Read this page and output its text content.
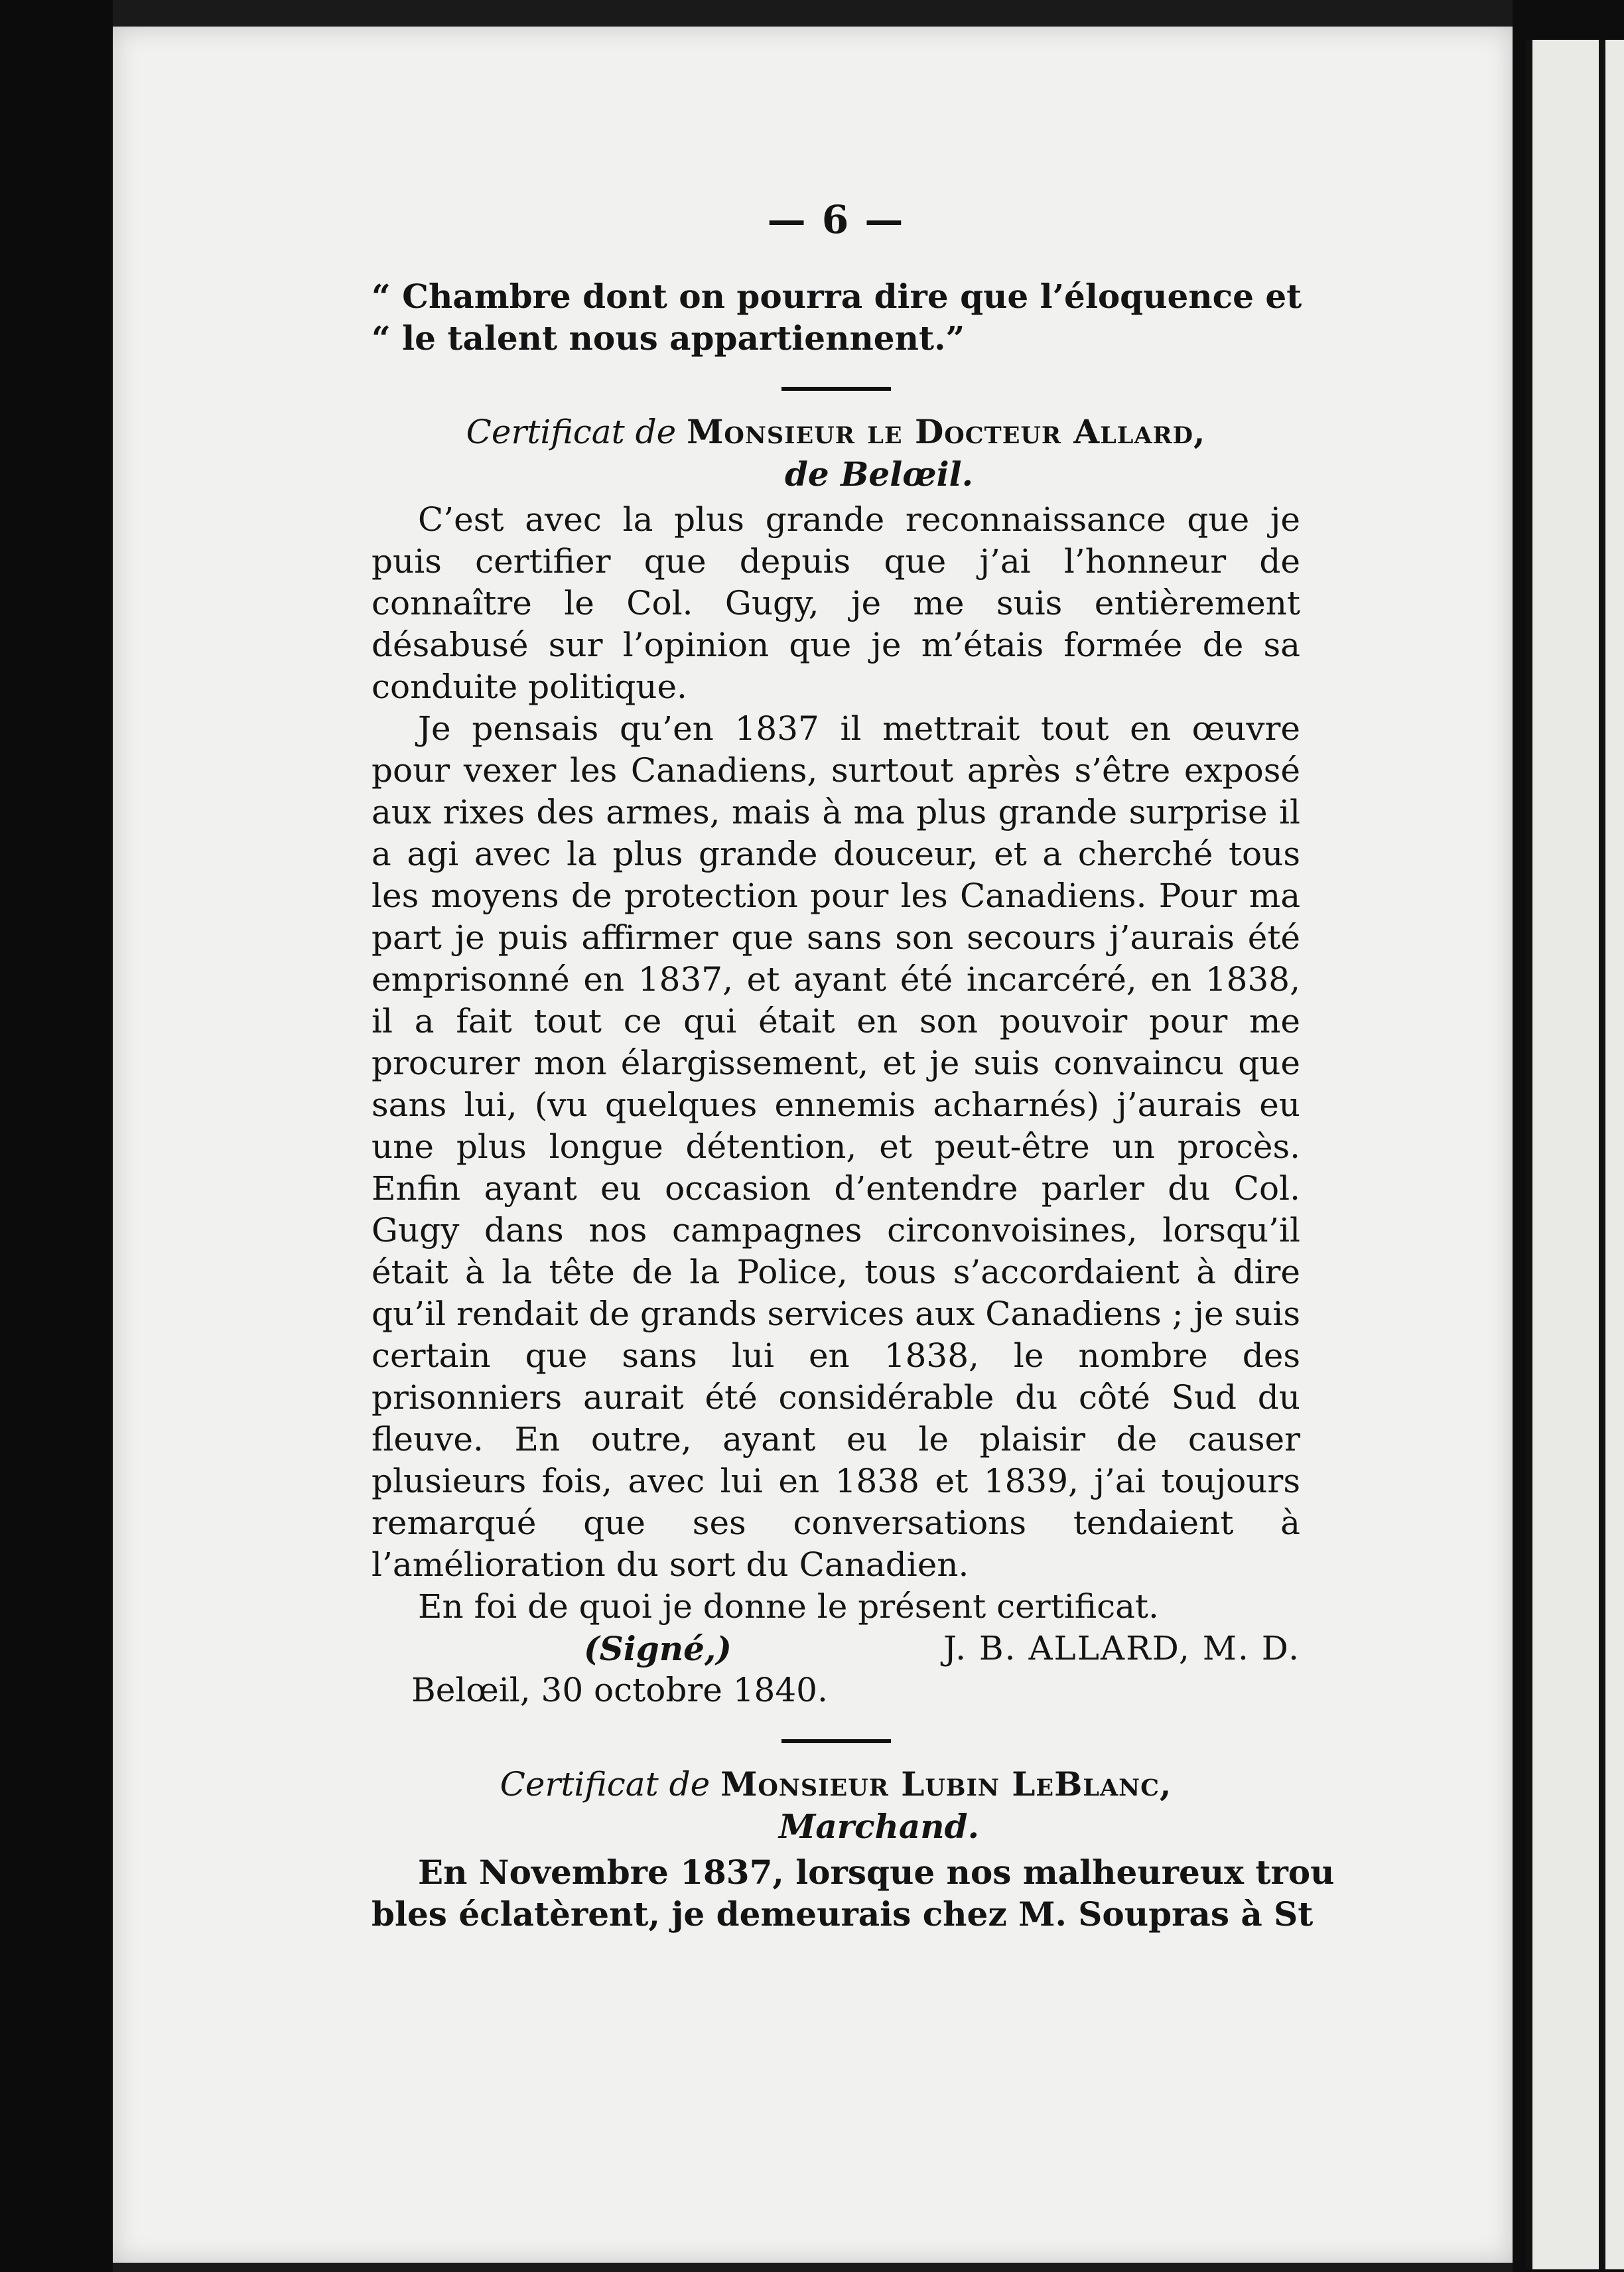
— 6 —
“ Chambre dont on pourra dire que l’éloquence et
“ le talent nous appartiennent.”
Certificat de Monsieur le Docteur Allard,
de Belœil.

C’est avec la plus grande reconnaissance que je puis certifier que depuis que j’ai l’honneur de connaître le Col. Gugy, je me suis entièrement désabusé sur l’opinion que je m’étais formée de sa conduite politique.

Je pensais qu’en 1837 il mettrait tout en œuvre pour vexer les Canadiens, surtout après s’être exposé aux rixes des armes, mais à ma plus grande surprise il a agi avec la plus grande douceur, et a cherché tous les moyens de protection pour les Canadiens. Pour ma part je puis affirmer que sans son secours j’aurais été emprisonné en 1837, et ayant été incarcéré, en 1838, il a fait tout ce qui était en son pouvoir pour me procurer mon élargissement, et je suis convaincu que sans lui, (vu quelques ennemis acharnés) j’aurais eu une plus longue détention, et peut-être un procès. Enfin ayant eu occasion d’entendre parler du Col. Gugy dans nos campagnes circonvoisines, lorsqu’il était à la tête de la Police, tous s’accordaient à dire qu’il rendait de grands services aux Canadiens ; je suis certain que sans lui en 1838, le nombre des prisonniers aurait été considérable du côté Sud du fleuve. En outre, ayant eu le plaisir de causer plusieurs fois, avec lui en 1838 et 1839, j’ai toujours remarqué que ses conversations tendaient à l’amélioration du sort du Canadien.

En foi de quoi je donne le présent certificat.
(Signé,)	J. B. ALLARD, M. D.
Belœil, 30 octobre 1840.
Certificat de Monsieur Lubin LeBlanc,
Marchand.
En Novembre 1837, lorsque nos malheureux trou
bles éclatèrent, je demeurais chez M. Soupras à St
